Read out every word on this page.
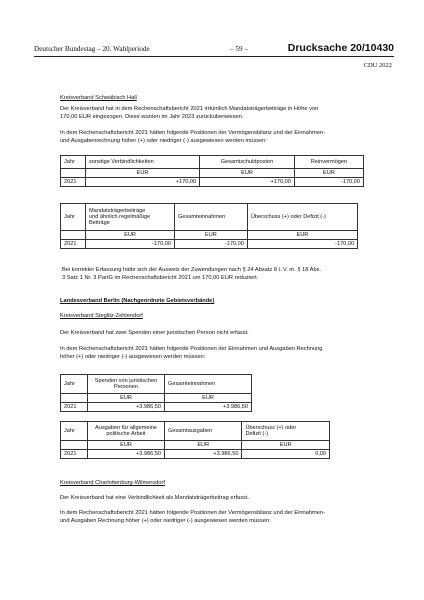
Deutscher Bundestag – 20. Wahlperiode	– 59 –	Drucksache 20/10430
CDU 2022
Kreisverband Schwäbisch Hall
Der Kreisverband hat in dem Rechenschaftsbericht 2021 irrtümlich Mandatsträgerbeiträge in Höhe von
170,00 EUR eingezogen. Diese wurden im Jahr 2023 zurücküberwiesen.
In dem Rechenschaftsbericht 2021 hätten folgende Positionen der Vermögensbilanz und der Einnahmen-
und Ausgabenrechnung höher (+) oder niedriger (-) ausgewiesen werden müssen:
Jahr	sonstige Verbindlichkeiten	Gesamtschuldposten	Reinvermögen
	EUR	EUR	EUR
2021	+170,00	+170,00	-170,00
Jahr	Mandatsträgerbeiträge
und ähnlich regelmäßige
Beiträge	Gesamteinnahmen	Überschuss (+) oder Defizit (-)
	EUR	EUR	EUR
2021	-170,00	-170,00	-170,00
Bei korrekter Erfassung hätte sich der Ausweis der Zuwendungen nach § 24 Absatz 8 i. V. m. § 18 Abs.
3 Satz 1 Nr. 3 PartG im Rechenschaftsbericht 2021 um 170,00 EUR reduziert.
Landesverband Berlin (Nachgeordnete Gebietsverbände)
Kreisverband Steglitz-Zehlendorf
Der Kreisverband hat zwei Spenden einer juristischen Person nicht erfasst.
In dem Rechenschaftsbericht 2021 hätten folgende Positionen der Einnahmen und Ausgaben Rechnung
höher (+) oder niedriger (-) ausgewiesen werden müssen:
Jahr	Spenden von juristischen
Personen	Gesamteinnahmen
	EUR	EUR
2021	+3.986,50	+3.986,50
Jahr	Ausgaben für allgemeine
politische Arbeit	Gesamtausgaben	Überschuss (+) oder
Defizit (-)
	EUR	EUR	EUR
2021	+3.986,50	+3.986,50	0,00
Kreisverband Charlottenburg-Wilmersdorf
Der Kreisverband hat eine Verbindlichkeit als Mandatsträgerbeitrag erfasst.
In dem Rechenschaftsbericht 2021 hätten folgende Positionen der Vermögensbilanz und der Einnahmen-
und Ausgaben Rechnung höher (+) oder niedriger (-) ausgewiesen werden müssen:
